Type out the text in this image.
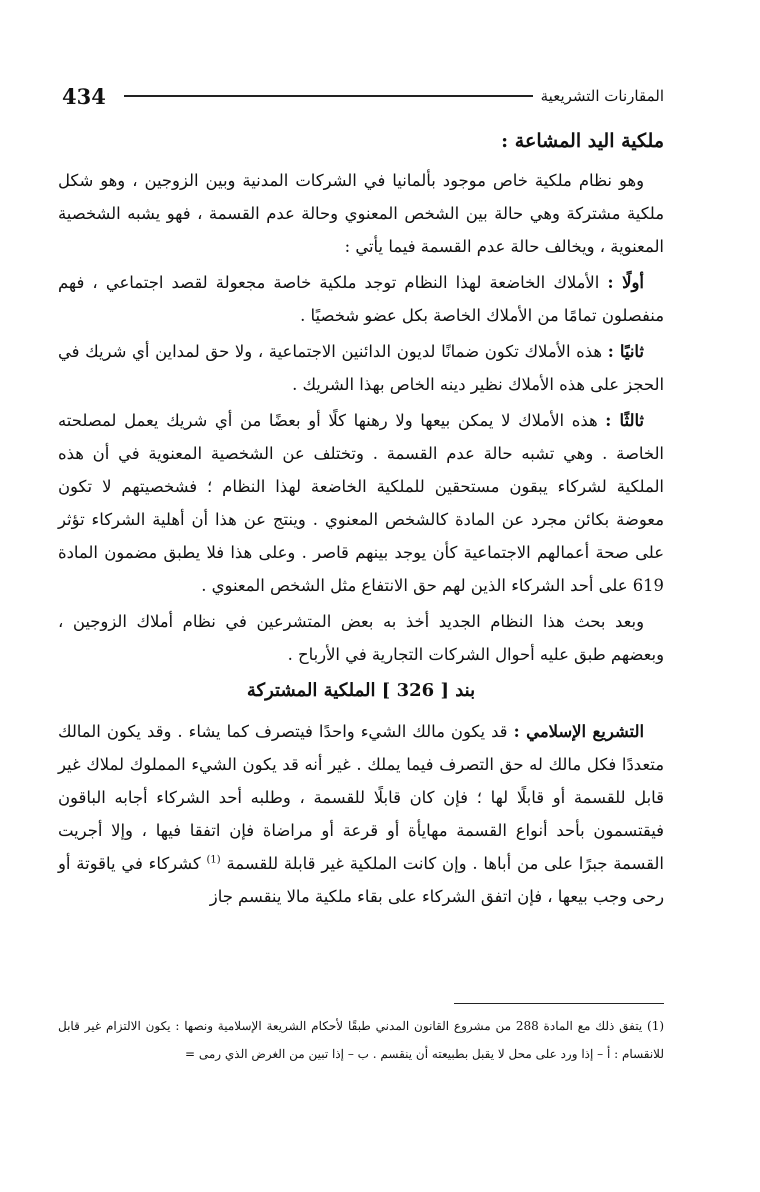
434	المقارنات التشريعية
ملكية اليد المشاعة :

وهو نظام ملكية خاص موجود بألمانيا في الشركات المدنية وبين الزوجين ، وهو شكل ملكية مشتركة وهي حالة بين الشخص المعنوي وحالة عدم القسمة ، فهو يشبه الشخصية المعنوية ، ويخالف حالة عدم القسمة فيما يأتي :

أولًا : الأملاك الخاضعة لهذا النظام توجد ملكية خاصة مجعولة لقصد اجتماعي ، فهم منفصلون تمامًا من الأملاك الخاصة بكل عضو شخصيًا .

ثانيًا : هذه الأملاك تكون ضمانًا لديون الدائنين الاجتماعية ، ولا حق لمداين أي شريك في الحجز على هذه الأملاك نظير دينه الخاص بهذا الشريك .

ثالثًا : هذه الأملاك لا يمكن بيعها ولا رهنها كلًا أو بعضًا من أي شريك يعمل لمصلحته الخاصة . وهي تشبه حالة عدم القسمة . وتختلف عن الشخصية المعنوية في أن هذه الملكية لشركاء يبقون مستحقين للملكية الخاضعة لهذا النظام ؛ فشخصيتهم لا تكون معوضة بكائن مجرد عن المادة كالشخص المعنوي . وينتج عن هذا أن أهلية الشركاء تؤثر على صحة أعمالهم الاجتماعية كأن يوجد بينهم قاصر . وعلى هذا فلا يطبق مضمون المادة 619 على أحد الشركاء الذين لهم حق الانتفاع مثل الشخص المعنوي .

وبعد بحث هذا النظام الجديد أخذ به بعض المتشرعين في نظام أملاك الزوجين ، وبعضهم طبق عليه أحوال الشركات التجارية في الأرباح .

بند [ 326 ] الملكية المشتركة

التشريع الإسلامي : قد يكون مالك الشيء واحدًا فيتصرف كما يشاء . وقد يكون المالك متعددًا فكل مالك له حق التصرف فيما يملك . غير أنه قد يكون الشيء المملوك لملاك غير قابل للقسمة أو قابلًا لها ؛ فإن كان قابلًا للقسمة ، وطلبه أحد الشركاء أجابه الباقون فيقتسمون بأحد أنواع القسمة مهايأة أو قرعة أو مراضاة فإن اتفقا فيها ، وإلا أجريت القسمة جبرًا على من أباها . وإن كانت الملكية غير قابلة للقسمة $^{(1)}$ كشركاء في ياقوتة أو رحى وجب بيعها ، فإن اتفق الشركاء على بقاء ملكية مالا ينقسم جاز

(1) يتفق ذلك مع المادة 288 من مشروع القانون المدني طبقًا لأحكام الشريعة الإسلامية ونصها : يكون الالتزام غير قابل للانقسام : أ – إذا ورد على محل لا يقبل بطبيعته أن ينقسم . ب – إذا تبين من الغرض الذي رمى =
